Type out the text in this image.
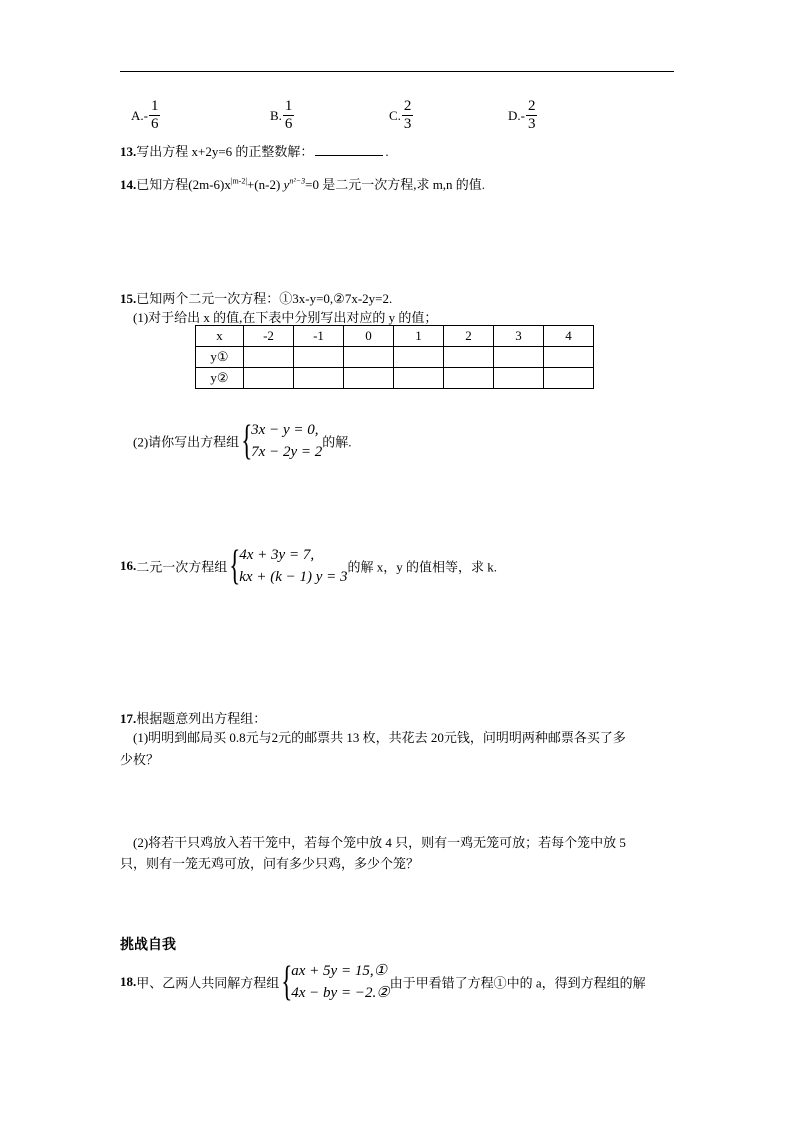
$A.- \frac{1}{6}$	B. $\frac{1}{6}$	C. $\frac{2}{3}$	$D.- \frac{2}{3}$
13.写出方程 x+2y=6 的正整数解：	.
14.已知方程$(2m-6)x^{|m-2|}+(n-2)$ $y^{n^2-3}=0$ 是二元一次方程,求 m,n 的值.
15.已知两个二元一次方程：①3x-y=0,②7x-2y=2.
(1)对于给出 x 的值,在下表中分别写出对应的 y 的值；
x	-2	-1	0	1	2	3	4
y①							
y②							
(2)请你写出方程组 {
3x − y = 0,
7x − 2y = 2
的解.
16.二元一次方程组 {
4x + 3y = 7,
kx + (k − 1) y = 3
的解 x，y 的值相等，求 k.
17.根据题意列出方程组：
(1)明明到邮局买 0.8元与2元的邮票共 13 枚，共花去 20元钱，问明明两种邮票各买了多
少枚？
(2)将若干只鸡放入若干笼中，若每个笼中放 4 只，则有一鸡无笼可放；若每个笼中放 5
只，则有一笼无鸡可放，问有多少只鸡，多少个笼？
挑战自我
18.甲、乙两人共同解方程组 {
ax + 5y = 15,①
4x − by = −2.②
由于甲看错了方程①中的 a，得到方程组的解
